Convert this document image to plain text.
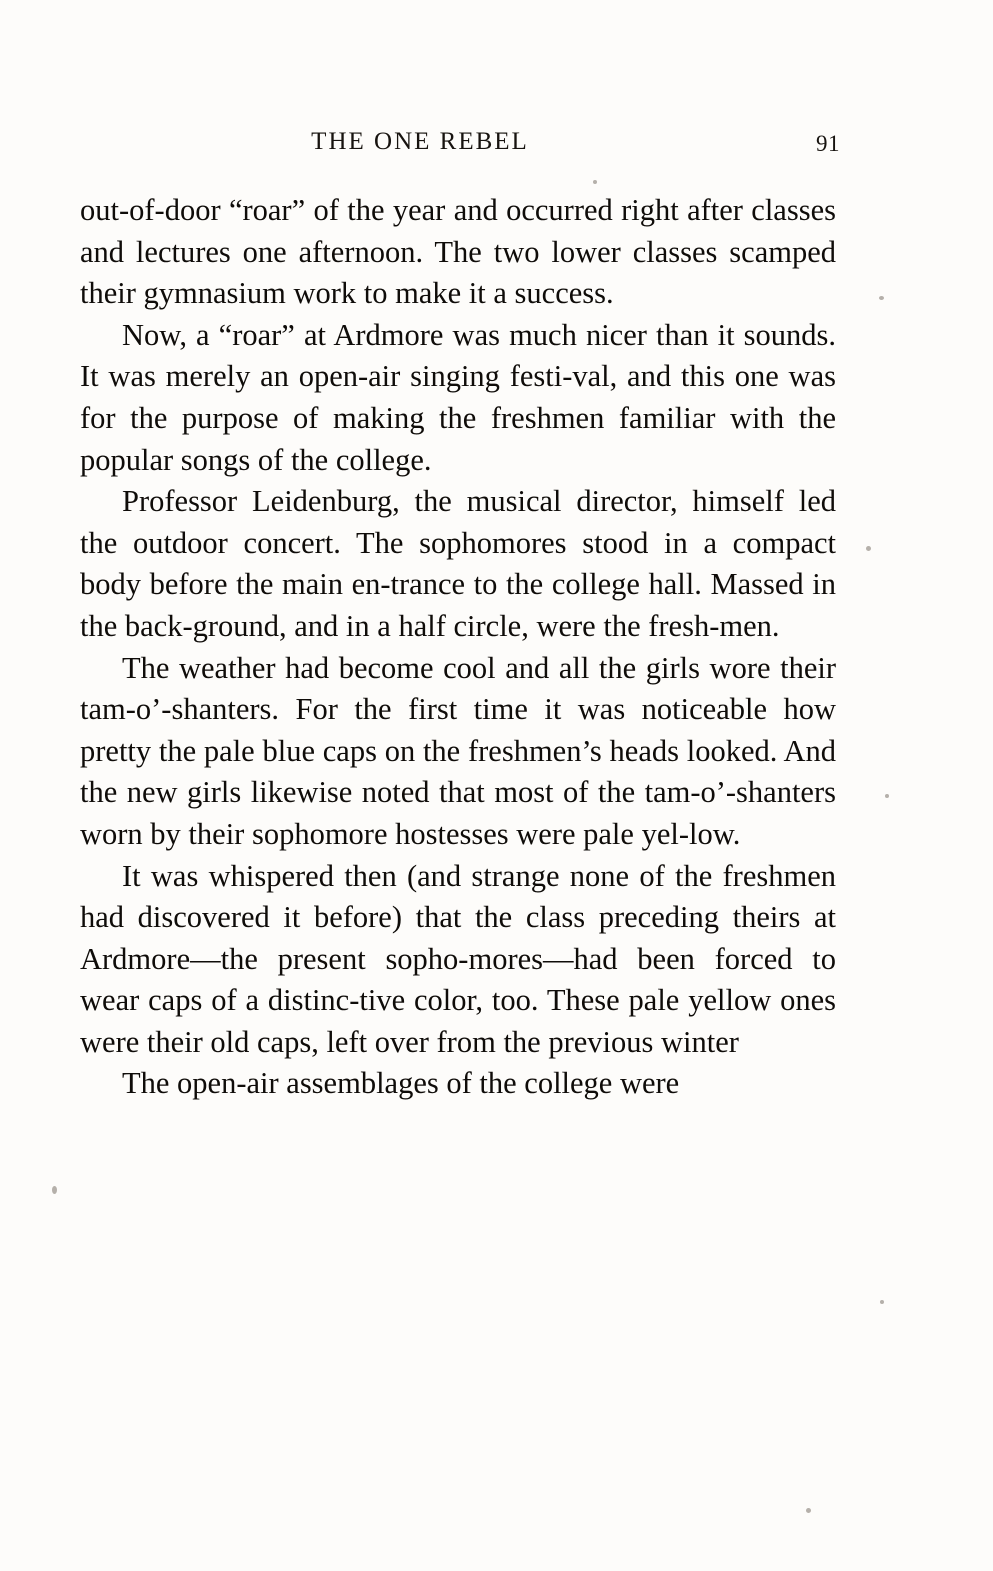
THE ONE REBEL	91

out-of-door “roar” of the year and occurred right after classes and lectures one afternoon. The two lower classes scamped their gymnasium work to make it a success.

Now, a “roar” at Ardmore was much nicer than it sounds. It was merely an open-air singing festi-val, and this one was for the purpose of making the freshmen familiar with the popular songs of the college.

Professor Leidenburg, the musical director, himself led the outdoor concert. The sophomores stood in a compact body before the main en-trance to the college hall. Massed in the back-ground, and in a half circle, were the fresh-men.

The weather had become cool and all the girls wore their tam-o’-shanters. For the first time it was noticeable how pretty the pale blue caps on the freshmen’s heads looked. And the new girls likewise noted that most of the tam-o’-shanters worn by their sophomore hostesses were pale yel-low.

It was whispered then (and strange none of the freshmen had discovered it before) that the class preceding theirs at Ardmore—the present sopho-mores—had been forced to wear caps of a distinc-tive color, too. These pale yellow ones were their old caps, left over from the previous winter

The open-air assemblages of the college were
